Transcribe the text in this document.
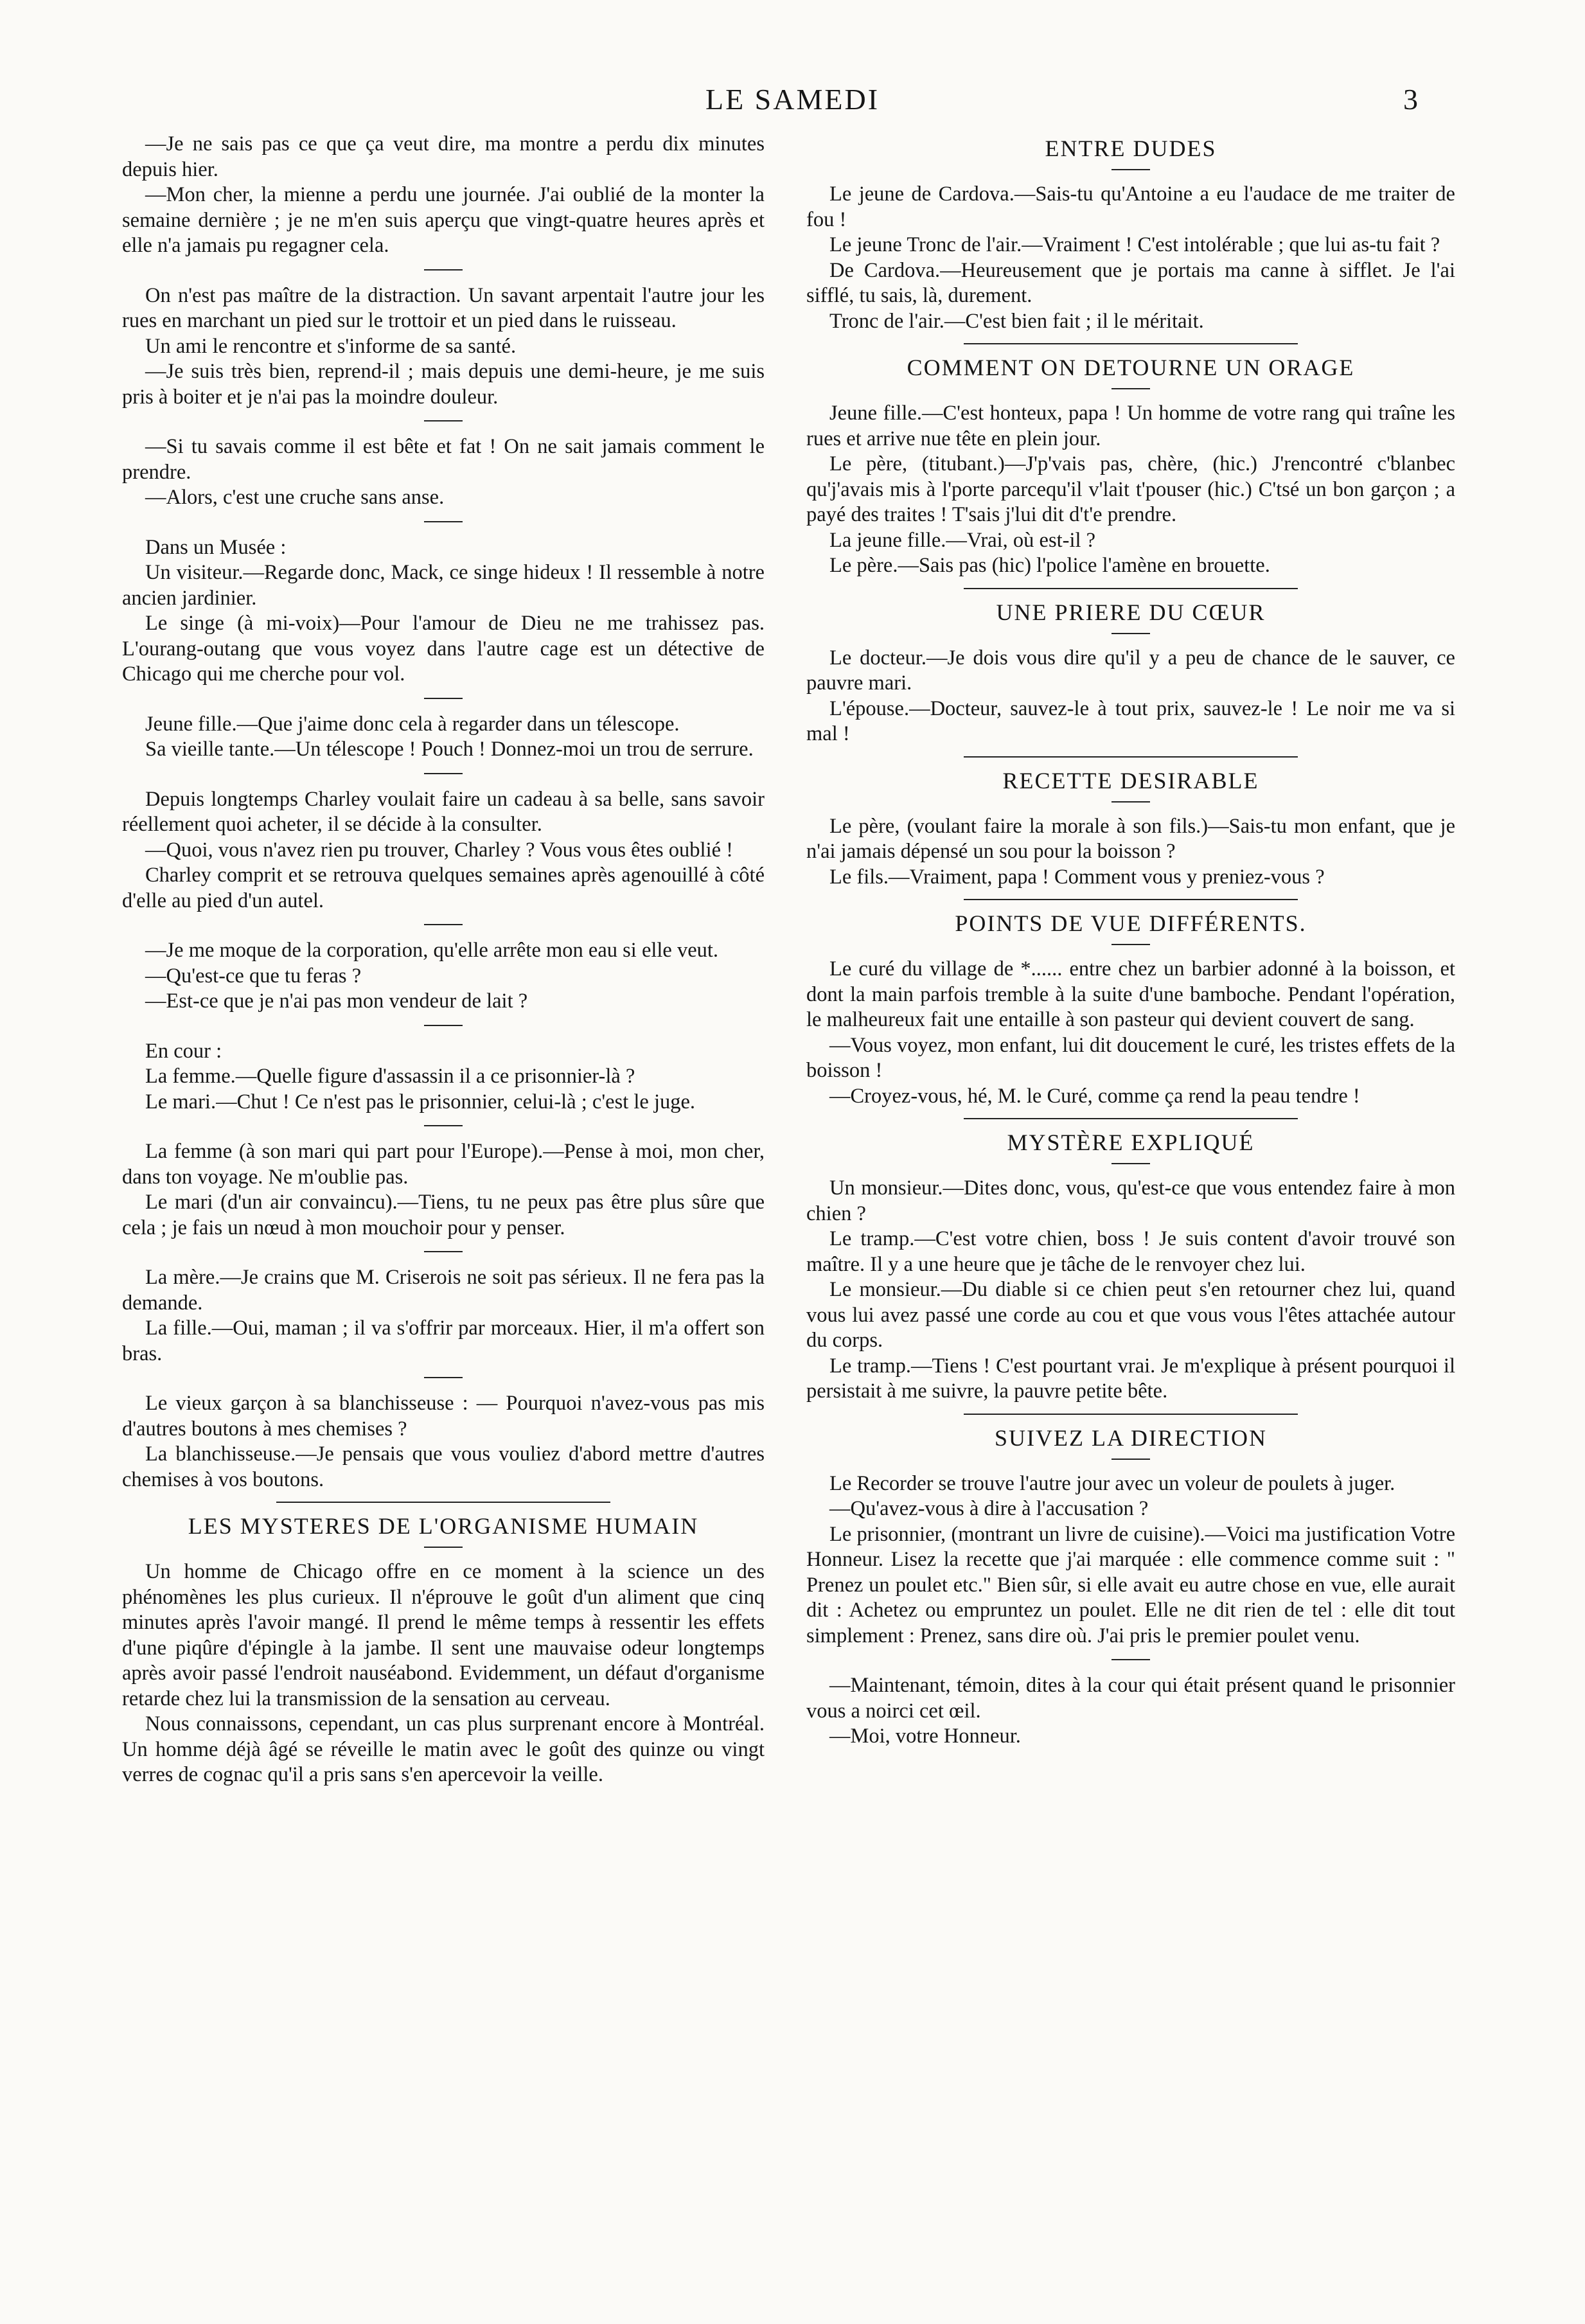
LE SAMEDI	3

—Je ne sais pas ce que ça veut dire, ma montre a perdu dix minutes depuis hier.

—Mon cher, la mienne a perdu une journée. J'ai oublié de la monter la semaine dernière ; je ne m'en suis aperçu que vingt-quatre heures après et elle n'a jamais pu regagner cela.

On n'est pas maître de la distraction. Un savant arpentait l'autre jour les rues en marchant un pied sur le trottoir et un pied dans le ruisseau.

Un ami le rencontre et s'informe de sa santé.

—Je suis très bien, reprend-il ; mais depuis une demi-heure, je me suis pris à boiter et je n'ai pas la moindre douleur.

—Si tu savais comme il est bête et fat ! On ne sait jamais comment le prendre.

—Alors, c'est une cruche sans anse.

Dans un Musée :

Un visiteur.—Regarde donc, Mack, ce singe hideux ! Il ressemble à notre ancien jardinier.

Le singe (à mi-voix)—Pour l'amour de Dieu ne me trahissez pas. L'ourang-outang que vous voyez dans l'autre cage est un détective de Chicago qui me cherche pour vol.

Jeune fille.—Que j'aime donc cela à regarder dans un télescope.

Sa vieille tante.—Un télescope ! Pouch ! Donnez-moi un trou de serrure.

Depuis longtemps Charley voulait faire un cadeau à sa belle, sans savoir réellement quoi acheter, il se décide à la consulter.

—Quoi, vous n'avez rien pu trouver, Charley ? Vous vous êtes oublié !

Charley comprit et se retrouva quelques semaines après agenouillé à côté d'elle au pied d'un autel.

—Je me moque de la corporation, qu'elle arrête mon eau si elle veut.

—Qu'est-ce que tu feras ?

—Est-ce que je n'ai pas mon vendeur de lait ?

En cour :

La femme.—Quelle figure d'assassin il a ce prisonnier-là ?

Le mari.—Chut ! Ce n'est pas le prisonnier, celui-là ; c'est le juge.

La femme (à son mari qui part pour l'Europe).—Pense à moi, mon cher, dans ton voyage. Ne m'oublie pas.

Le mari (d'un air convaincu).—Tiens, tu ne peux pas être plus sûre que cela ; je fais un nœud à mon mouchoir pour y penser.

La mère.—Je crains que M. Criserois ne soit pas sérieux. Il ne fera pas la demande.

La fille.—Oui, maman ; il va s'offrir par morceaux. Hier, il m'a offert son bras.

Le vieux garçon à sa blanchisseuse : — Pourquoi n'avez-vous pas mis d'autres boutons à mes chemises ?

La blanchisseuse.—Je pensais que vous vouliez d'abord mettre d'autres chemises à vos boutons.

LES MYSTERES DE L'ORGANISME HUMAIN

Un homme de Chicago offre en ce moment à la science un des phénomènes les plus curieux. Il n'éprouve le goût d'un aliment que cinq minutes après l'avoir mangé. Il prend le même temps à ressentir les effets d'une piqûre d'épingle à la jambe. Il sent une mauvaise odeur longtemps après avoir passé l'endroit nauséabond. Evidemment, un défaut d'organisme retarde chez lui la transmission de la sensation au cerveau.

Nous connaissons, cependant, un cas plus surprenant encore à Montréal. Un homme déjà âgé se réveille le matin avec le goût des quinze ou vingt verres de cognac qu'il a pris sans s'en apercevoir la veille.

ENTRE DUDES

Le jeune de Cardova.—Sais-tu qu'Antoine a eu l'audace de me traiter de fou !

Le jeune Tronc de l'air.—Vraiment ! C'est intolérable ; que lui as-tu fait ?

De Cardova.—Heureusement que je portais ma canne à sifflet. Je l'ai sifflé, tu sais, là, durement.

Tronc de l'air.—C'est bien fait ; il le méritait.

COMMENT ON DETOURNE UN ORAGE

Jeune fille.—C'est honteux, papa ! Un homme de votre rang qui traîne les rues et arrive nue tête en plein jour.

Le père, (titubant.)—J'p'vais pas, chère, (hic.) J'rencontré c'blanbec qu'j'avais mis à l'porte parcequ'il v'lait t'pouser (hic.) C'tsé un bon garçon ; a payé des traites ! T'sais j'lui dit d't'e prendre.

La jeune fille.—Vrai, où est-il ?

Le père.—Sais pas (hic) l'police l'amène en brouette.

UNE PRIERE DU CŒUR

Le docteur.—Je dois vous dire qu'il y a peu de chance de le sauver, ce pauvre mari.

L'épouse.—Docteur, sauvez-le à tout prix, sauvez-le ! Le noir me va si mal !

RECETTE DESIRABLE

Le père, (voulant faire la morale à son fils.)—Sais-tu mon enfant, que je n'ai jamais dépensé un sou pour la boisson ?

Le fils.—Vraiment, papa ! Comment vous y preniez-vous ?

POINTS DE VUE DIFFÉRENTS.

Le curé du village de *...... entre chez un barbier adonné à la boisson, et dont la main parfois tremble à la suite d'une bamboche. Pendant l'opération, le malheureux fait une entaille à son pasteur qui devient couvert de sang.

—Vous voyez, mon enfant, lui dit doucement le curé, les tristes effets de la boisson !

—Croyez-vous, hé, M. le Curé, comme ça rend la peau tendre !

MYSTÈRE EXPLIQUÉ

Un monsieur.—Dites donc, vous, qu'est-ce que vous entendez faire à mon chien ?

Le tramp.—C'est votre chien, boss ! Je suis content d'avoir trouvé son maître. Il y a une heure que je tâche de le renvoyer chez lui.

Le monsieur.—Du diable si ce chien peut s'en retourner chez lui, quand vous lui avez passé une corde au cou et que vous vous l'êtes attachée autour du corps.

Le tramp.—Tiens ! C'est pourtant vrai. Je m'explique à présent pourquoi il persistait à me suivre, la pauvre petite bête.

SUIVEZ LA DIRECTION

Le Recorder se trouve l'autre jour avec un voleur de poulets à juger.

—Qu'avez-vous à dire à l'accusation ?

Le prisonnier, (montrant un livre de cuisine).—Voici ma justification Votre Honneur. Lisez la recette que j'ai marquée : elle commence comme suit : " Prenez un poulet etc." Bien sûr, si elle avait eu autre chose en vue, elle aurait dit : Achetez ou empruntez un poulet. Elle ne dit rien de tel : elle dit tout simplement : Prenez, sans dire où. J'ai pris le premier poulet venu.

—Maintenant, témoin, dites à la cour qui était présent quand le prisonnier vous a noirci cet œil.

—Moi, votre Honneur.
